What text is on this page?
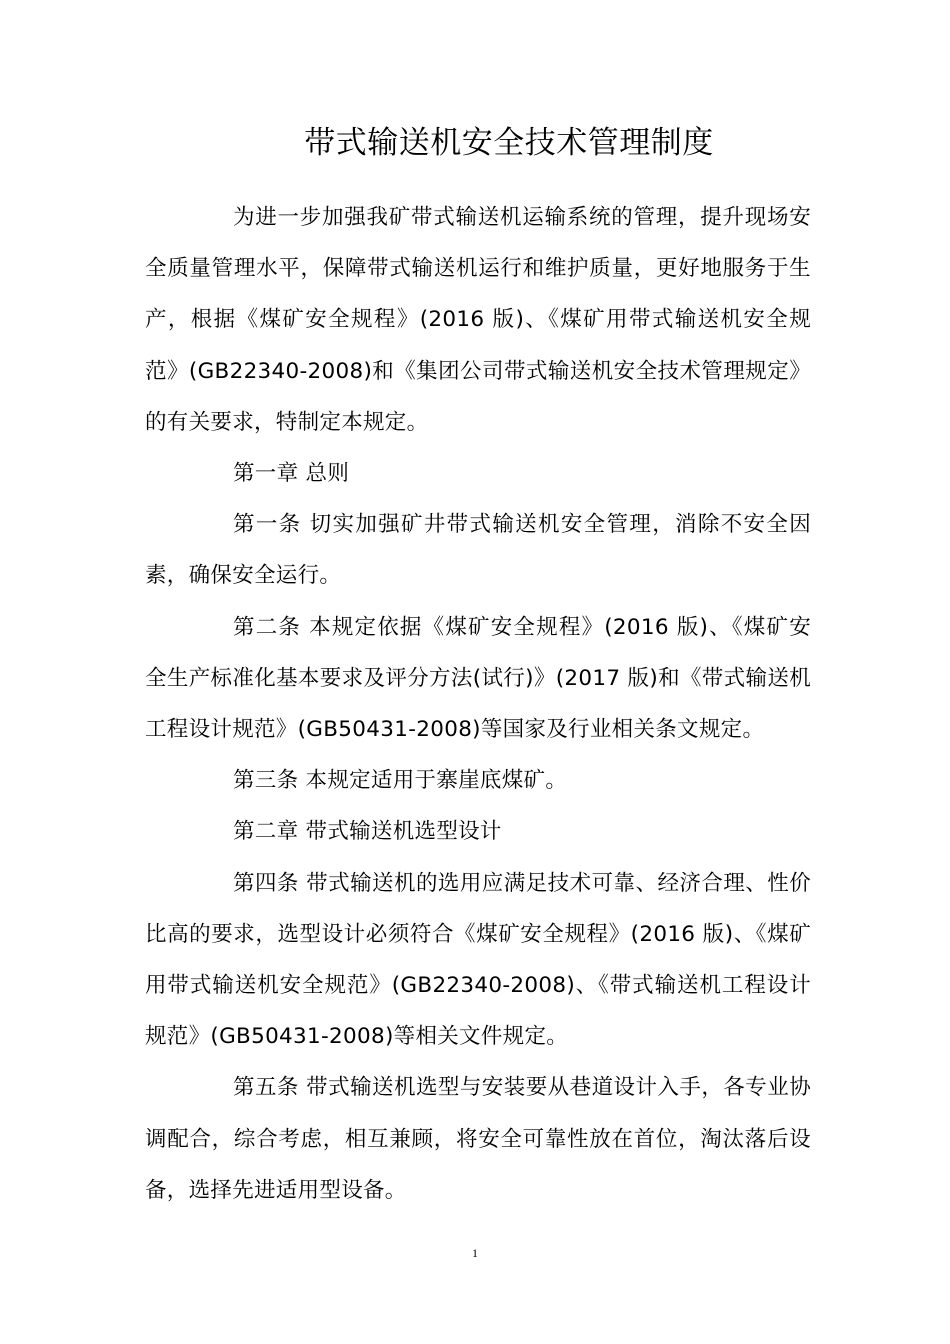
带式输送机安全技术管理制度

为进一步加强我矿带式输送机运输系统的管理，提升现场安全质量管理水平，保障带式输送机运行和维护质量，更好地服务于生产，根据《煤矿安全规程》(2016 版)、《煤矿用带式输送机安全规范》(GB22340-2008)和《集团公司带式输送机安全技术管理规定》的有关要求，特制定本规定。

第一章 总则

第一条 切实加强矿井带式输送机安全管理，消除不安全因素，确保安全运行。

第二条 本规定依据《煤矿安全规程》(2016 版)、《煤矿安全生产标准化基本要求及评分方法(试行)》(2017 版)和《带式输送机工程设计规范》(GB50431-2008)等国家及行业相关条文规定。

第三条 本规定适用于寨崖底煤矿。

第二章 带式输送机选型设计

第四条 带式输送机的选用应满足技术可靠、经济合理、性价比高的要求，选型设计必须符合《煤矿安全规程》(2016 版)、《煤矿用带式输送机安全规范》(GB22340-2008)、《带式输送机工程设计规范》(GB50431-2008)等相关文件规定。

第五条 带式输送机选型与安装要从巷道设计入手，各专业协调配合，综合考虑，相互兼顾，将安全可靠性放在首位，淘汰落后设备，选择先进适用型设备。

1
